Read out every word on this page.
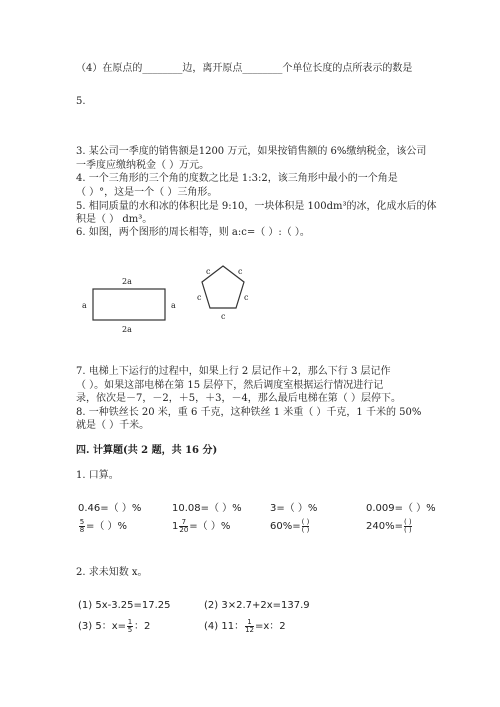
（4）在原点的________边，离开原点________个单位长度的点所表示的数是
5.
3. 某公司一季度的销售额是1200 万元，如果按销售额的 6%缴纳税金，该公司
一季度应缴纳税金（ ）万元。
4. 一个三角形的三个角的度数之比是 1:3:2，该三角形中最小的一个角是
（ ）°，这是一个（ ）三角形。
5. 相同质量的水和冰的体积比是 9:10，一块体积是 100dm³的冰，化成水后的体
积是（ ） dm³。
6. 如图，两个图形的周长相等，则 a:c=（ ）:（ ）。
2a
2a
a	a
c	c
c	c
c
7. 电梯上下运行的过程中，如果上行 2 层记作＋2，那么下行 3 层记作
（ ）。如果这部电梯在第 15 层停下，然后调度室根据运行情况进行记
录，依次是－7，－2，＋5，＋3，－4，那么最后电梯在第（ ）层停下。
8. 一种铁丝长 20 米，重 6 千克，这种铁丝 1 米重（ ）千克，1 千米的 50%
就是（ ）千米。
四. 计算题(共 2 题，共 16 分)
1. 口算。
0.46=（ ）%	10.08=（ ）%	3=（ ）%	0.009=（ ）%
$\frac{5}{8}$ =（ ）%	$1 \frac{7}{20}$ =（ ）%	$60\%= \frac{( )}{( )}$	$240\%= \frac{( )}{( )}$
2. 求未知数 x。
(1) 5x-3.25=17.25	(2) 3×2.7+2x=137.9
(3) 5：$x= \frac{1}{5}$ ：2	(4) 11： $\frac{1}{12} =x$：2
